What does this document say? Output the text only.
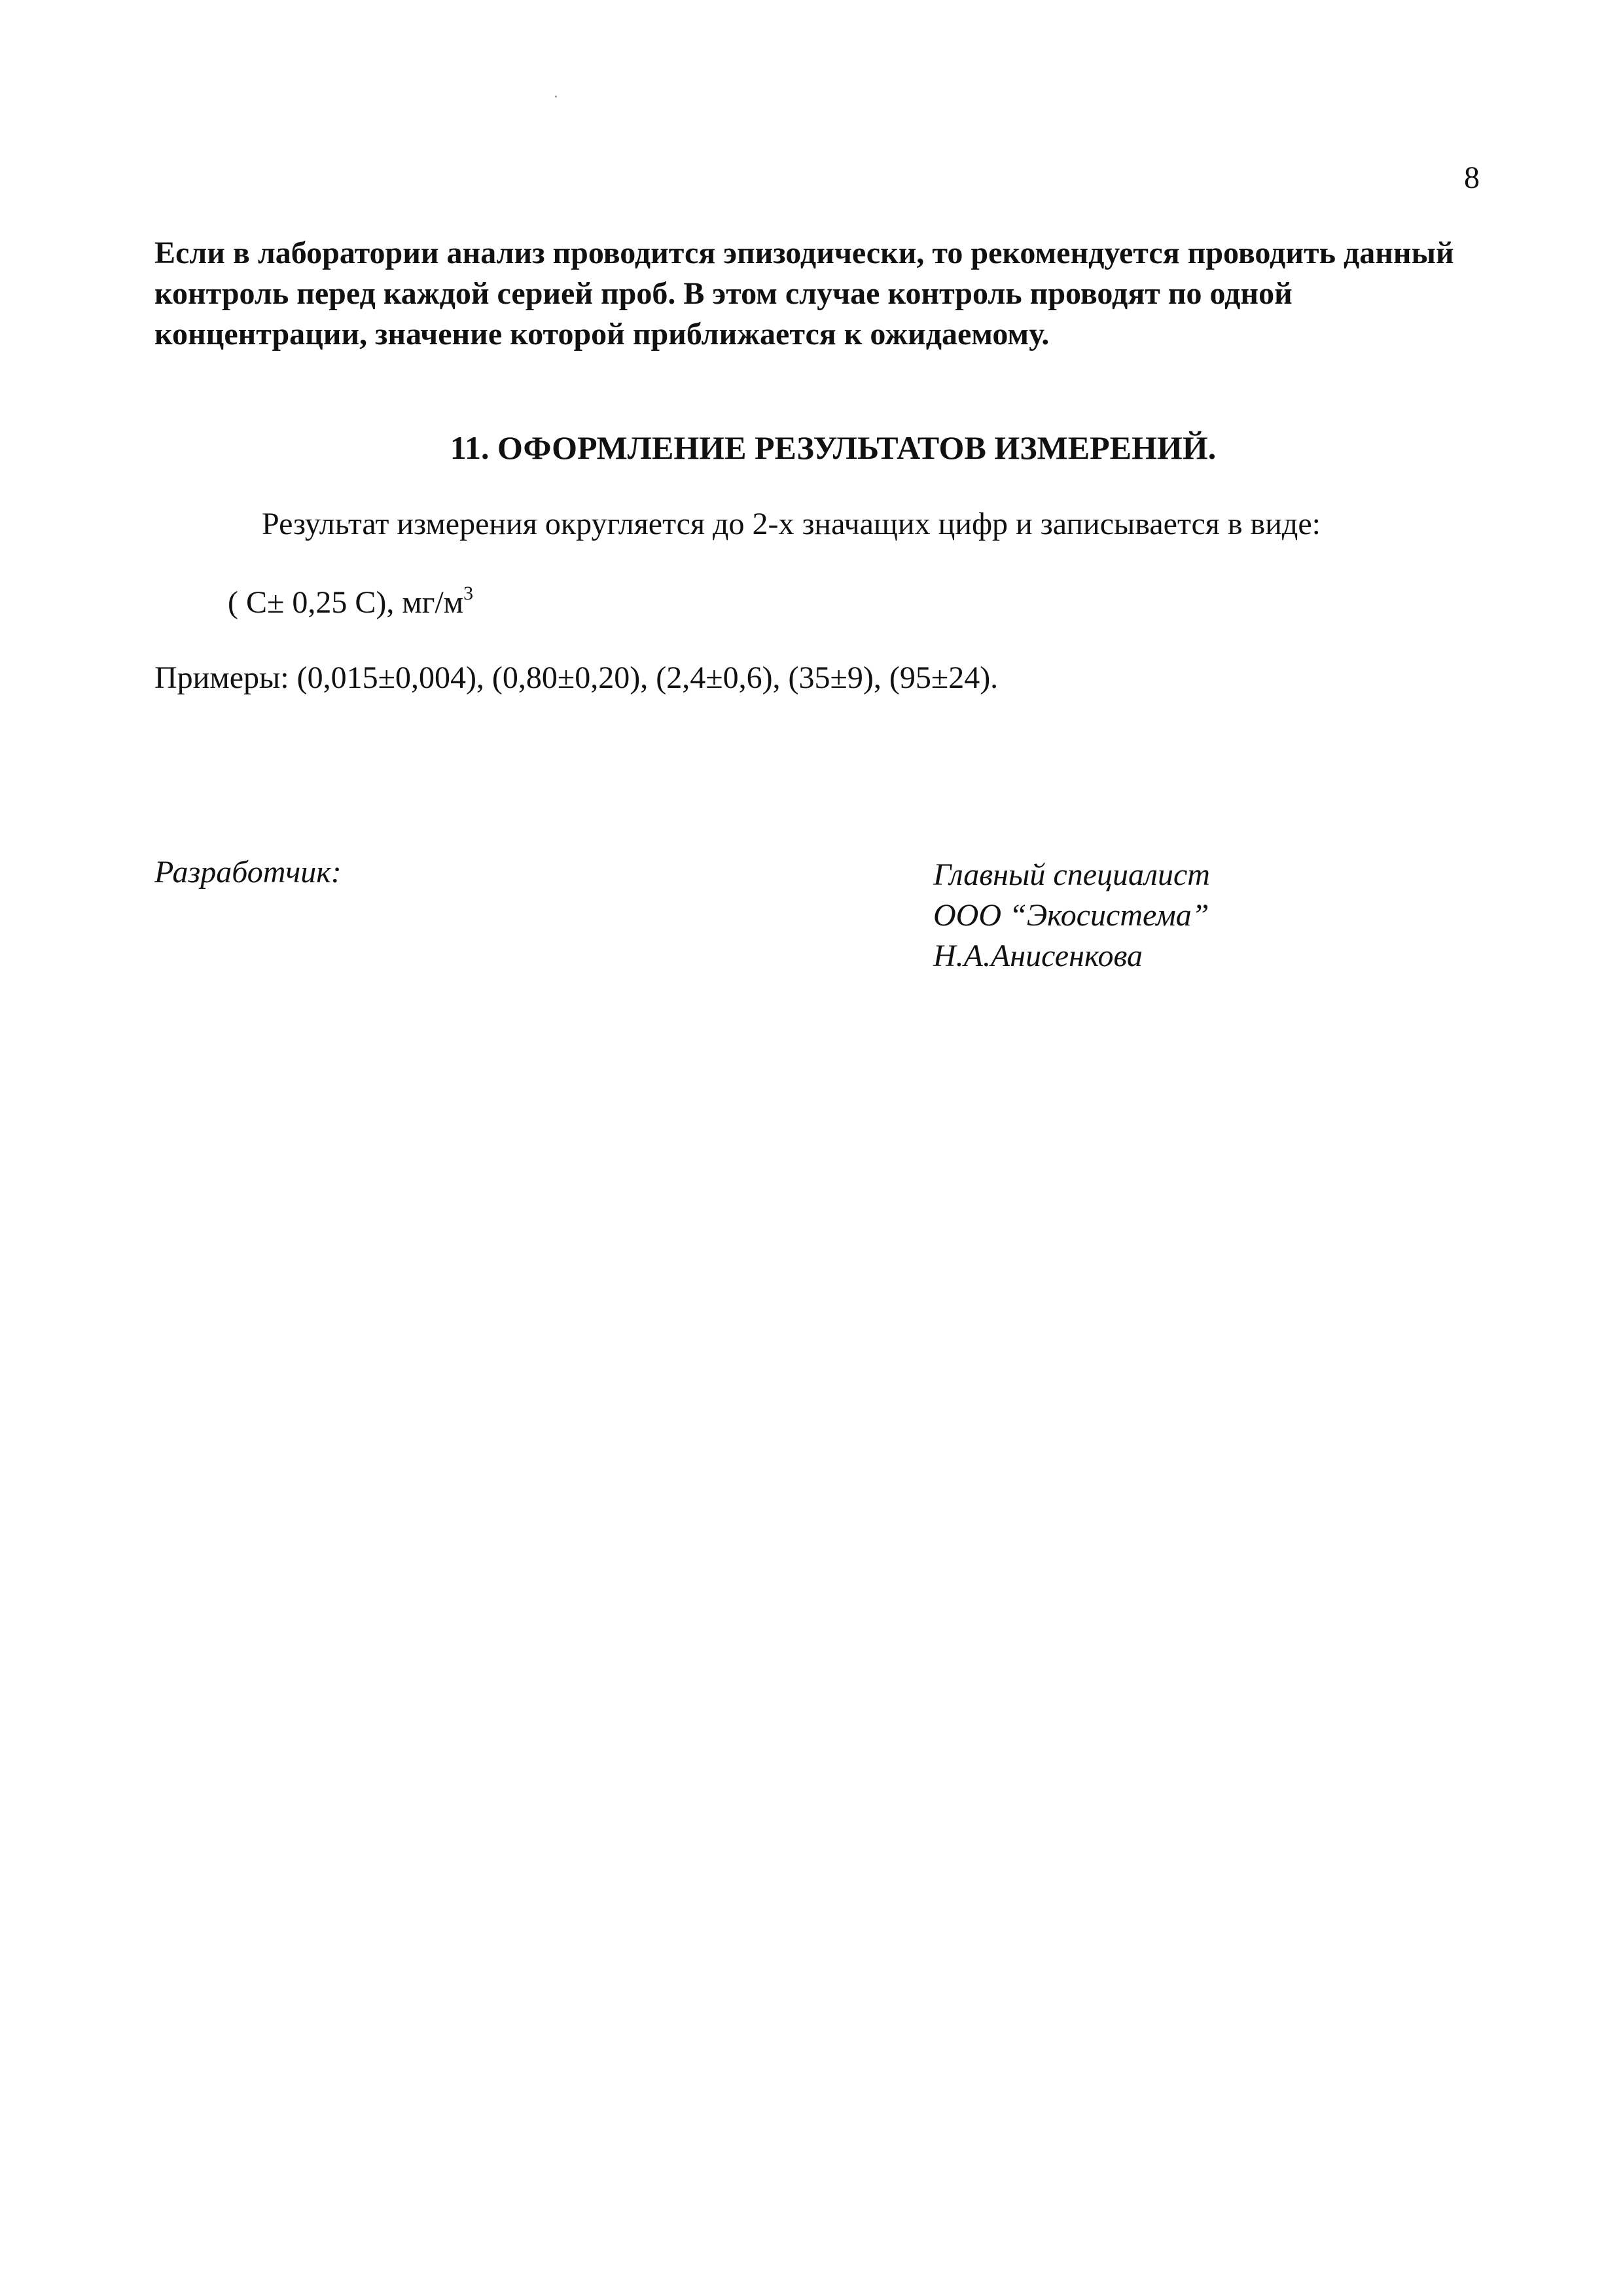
8

Если в лаборатории анализ проводится эпизодически, то рекомендуется проводить данный
контроль перед каждой серией проб. В этом случае контроль проводят по одной
концентрации, значение которой приближается к ожидаемому.

11. ОФОРМЛЕНИЕ РЕЗУЛЬТАТОВ ИЗМЕРЕНИЙ.
Результат измерения округляется до 2-х значащих цифр и записывается в виде:
( С± 0,25 С), $мг/м^3$
Примеры: (0,015±0,004), (0,80±0,20), (2,4±0,6), (35±9), (95±24).
Разработчик:	Главный специалист
ООО “Экосистема”
Н.А.Анисенкова
